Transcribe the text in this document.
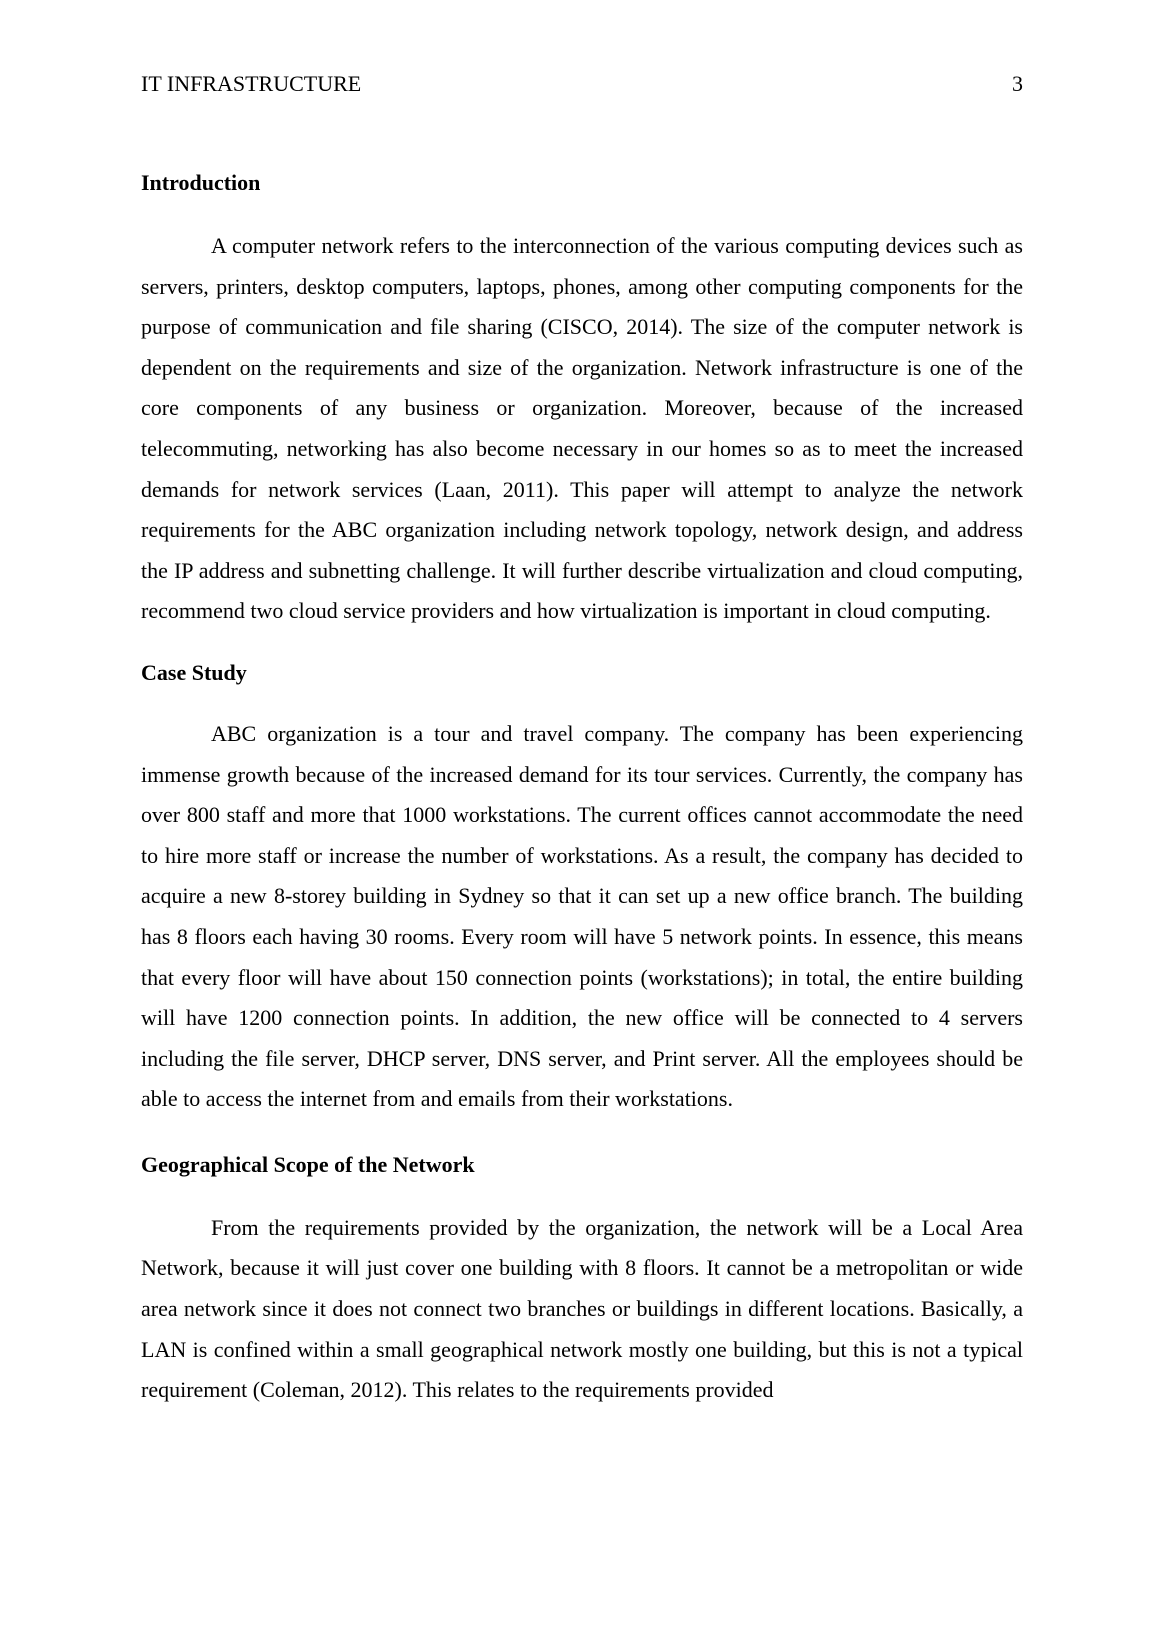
IT INFRASTRUCTURE	3
Introduction

A computer network refers to the interconnection of the various computing devices such as servers, printers, desktop computers, laptops, phones, among other computing components for the purpose of communication and file sharing (CISCO, 2014). The size of the computer network is dependent on the requirements and size of the organization. Network infrastructure is one of the core components of any business or organization. Moreover, because of the increased telecommuting, networking has also become necessary in our homes so as to meet the increased demands for network services (Laan, 2011). This paper will attempt to analyze the network requirements for the ABC organization including network topology, network design, and address the IP address and subnetting challenge. It will further describe virtualization and cloud computing, recommend two cloud service providers and how virtualization is important in cloud computing.

Case Study

ABC organization is a tour and travel company. The company has been experiencing immense growth because of the increased demand for its tour services. Currently, the company has over 800 staff and more that 1000 workstations. The current offices cannot accommodate the need to hire more staff or increase the number of workstations. As a result, the company has decided to acquire a new 8-storey building in Sydney so that it can set up a new office branch. The building has 8 floors each having 30 rooms. Every room will have 5 network points. In essence, this means that every floor will have about 150 connection points (workstations); in total, the entire building will have 1200 connection points. In addition, the new office will be connected to 4 servers including the file server, DHCP server, DNS server, and Print server. All the employees should be able to access the internet from and emails from their workstations.

Geographical Scope of the Network

From the requirements provided by the organization, the network will be a Local Area Network, because it will just cover one building with 8 floors. It cannot be a metropolitan or wide area network since it does not connect two branches or buildings in different locations. Basically, a LAN is confined within a small geographical network mostly one building, but this is not a typical requirement (Coleman, 2012). This relates to the requirements provided
